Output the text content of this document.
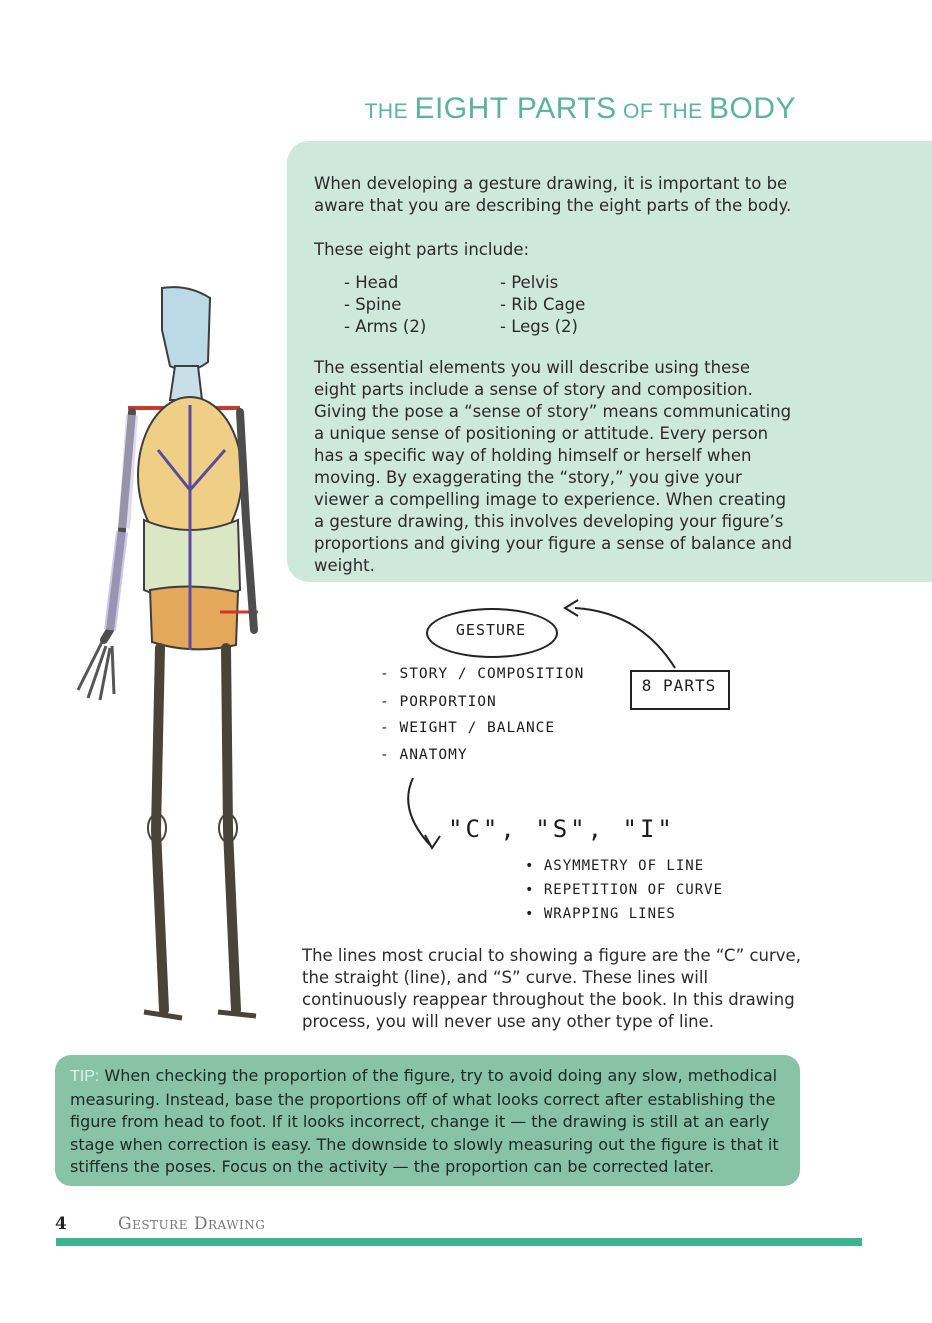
THE EIGHT PARTS OF THE BODY
When developing a gesture drawing, it is important to be aware that you are describing the eight parts of the body.
These eight parts include:
- Head
- Spine
- Arms (2)
- Pelvis
- Rib Cage
- Legs (2)
The essential elements you will describe using these eight parts include a sense of story and composition. Giving the pose a “sense of story” means communicating a unique sense of positioning or attitude. Every person has a specific way of holding himself or herself when moving. By exaggerating the “story,” you give your viewer a compelling image to experience. When creating a gesture drawing, this involves developing your figure’s proportions and giving your figure a sense of balance and weight.
GESTURE
- STORY / COMPOSITION
- PORPORTION
- WEIGHT / BALANCE
- ANATOMY
8 PARTS
"C", "S", "I"
• ASYMMETRY OF LINE
• REPETITION OF CURVE
• WRAPPING LINES
The lines most crucial to showing a figure are the “C” curve, the straight (line), and “S” curve. These lines will continuously reappear throughout the book. In this drawing process, you will never use any other type of line.
TIP: When checking the proportion of the figure, try to avoid doing any slow, methodical measuring. Instead, base the proportions off of what looks correct after establishing the figure from head to foot. If it looks incorrect, change it — the drawing is still at an early stage when correction is easy. The downside to slowly measuring out the figure is that it stiffens the poses. Focus on the activity — the proportion can be corrected later.
4	Gesture Drawing
